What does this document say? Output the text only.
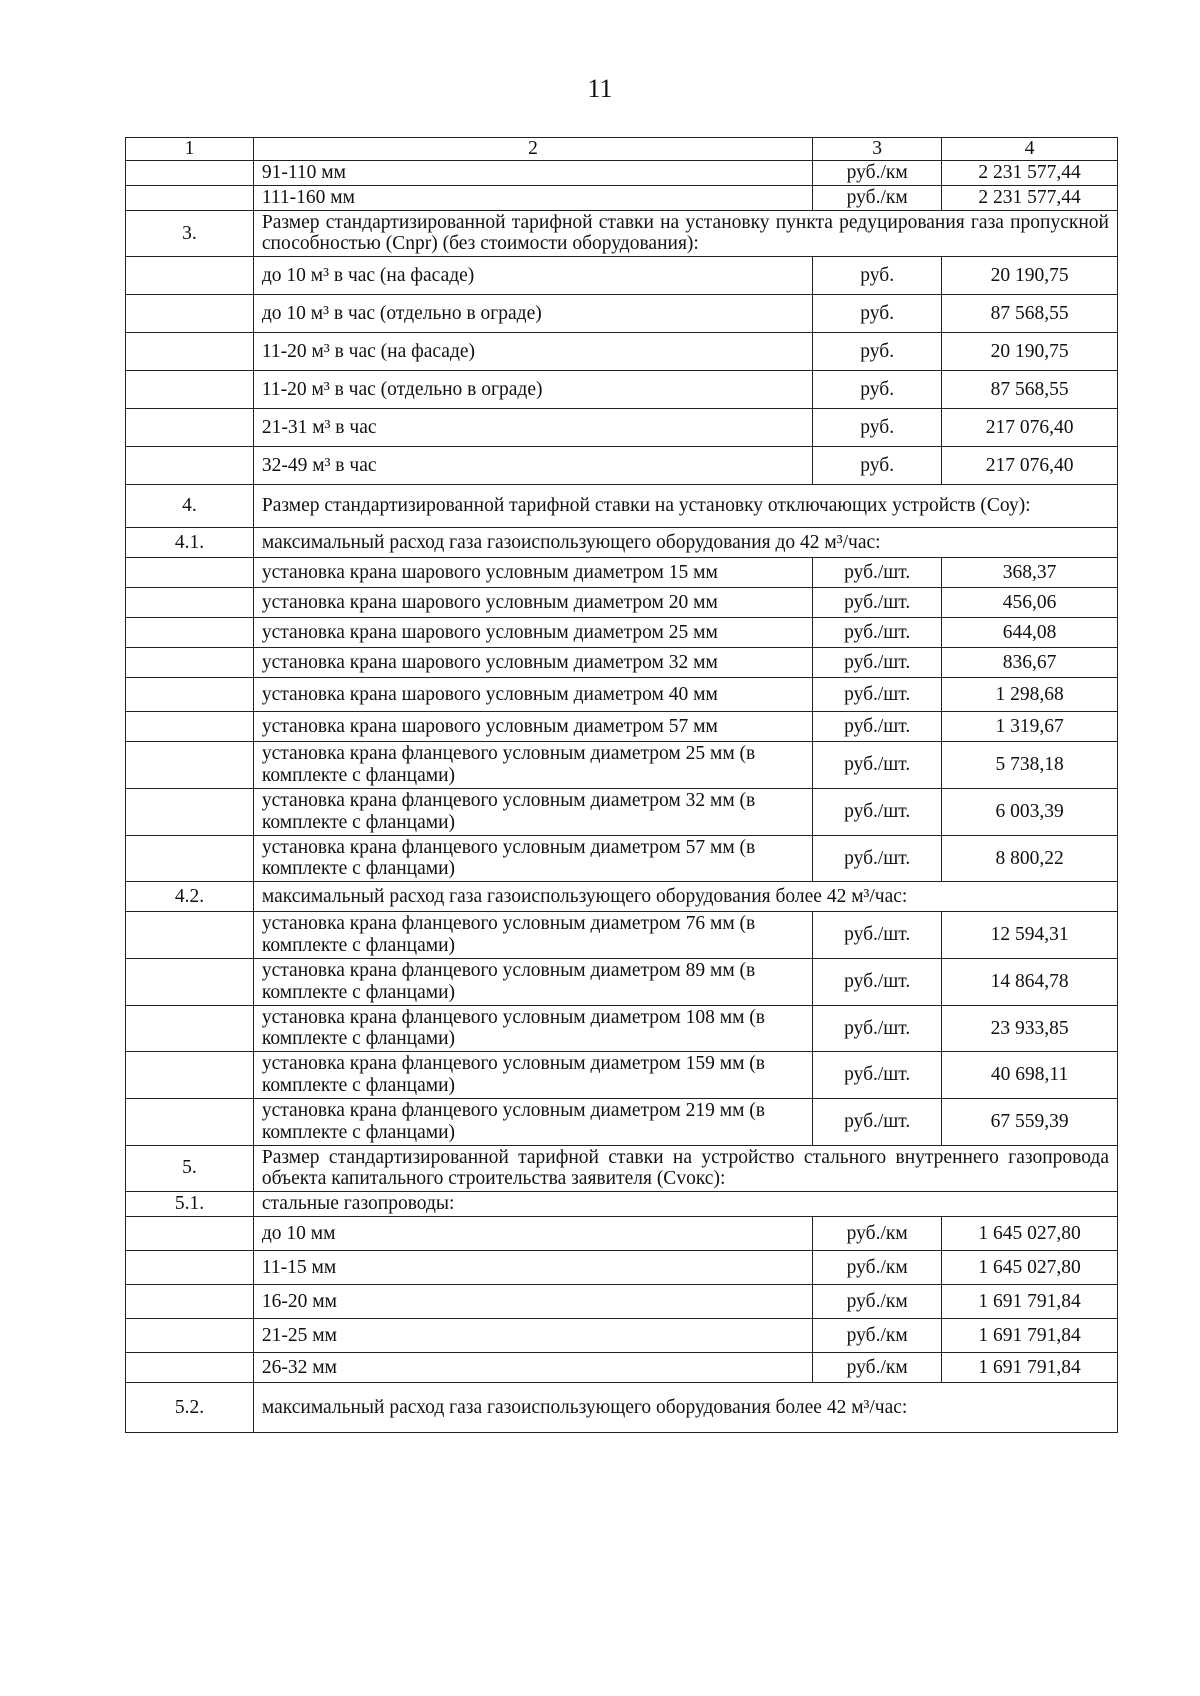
11
1	2	3	4
	91-110 мм	руб./км	2 231 577,44
	111-160 мм	руб./км	2 231 577,44
3.	Размер стандартизированной тарифной ставки на установку пункта редуцирования газа пропускной способностью (Сnpr) (без стоимости оборудования):		
	до 10 м³ в час (на фасаде)	руб.	20 190,75
	до 10 м³ в час (отдельно в ограде)	руб.	87 568,55
	11-20 м³ в час (на фасаде)	руб.	20 190,75
	11-20 м³ в час (отдельно в ограде)	руб.	87 568,55
	21-31 м³ в час	руб.	217 076,40
	32-49 м³ в час	руб.	217 076,40
4.	Размер стандартизированной тарифной ставки на установку отключающих устройств (Соу):		
4.1.	максимальный расход газа газоиспользующего оборудования до 42 м³/час:		
	установка крана шарового условным диаметром 15 мм	руб./шт.	368,37
	установка крана шарового условным диаметром 20 мм	руб./шт.	456,06
	установка крана шарового условным диаметром 25 мм	руб./шт.	644,08
	установка крана шарового условным диаметром 32 мм	руб./шт.	836,67
	установка крана шарового условным диаметром 40 мм	руб./шт.	1 298,68
	установка крана шарового условным диаметром 57 мм	руб./шт.	1 319,67
	установка крана фланцевого условным диаметром 25 мм (в комплекте с фланцами)	руб./шт.	5 738,18
	установка крана фланцевого условным диаметром 32 мм (в комплекте с фланцами)	руб./шт.	6 003,39
	установка крана фланцевого условным диаметром 57 мм (в комплекте с фланцами)	руб./шт.	8 800,22
4.2.	максимальный расход газа газоиспользующего оборудования более 42 м³/час:		
	установка крана фланцевого условным диаметром 76 мм (в комплекте с фланцами)	руб./шт.	12 594,31
	установка крана фланцевого условным диаметром 89 мм (в комплекте с фланцами)	руб./шт.	14 864,78
	установка крана фланцевого условным диаметром 108 мм (в комплекте с фланцами)	руб./шт.	23 933,85
	установка крана фланцевого условным диаметром 159 мм (в комплекте с фланцами)	руб./шт.	40 698,11
	установка крана фланцевого условным диаметром 219 мм (в комплекте с фланцами)	руб./шт.	67 559,39
5.	Размер стандартизированной тарифной ставки на устройство стального внутреннего газопровода объекта капитального строительства заявителя (Сvокс):		
5.1.	стальные газопроводы:		
	до 10 мм	руб./км	1 645 027,80
	11-15 мм	руб./км	1 645 027,80
	16-20 мм	руб./км	1 691 791,84
	21-25 мм	руб./км	1 691 791,84
	26-32 мм	руб./км	1 691 791,84
5.2.	максимальный расход газа газоиспользующего оборудования более 42 м³/час:		
